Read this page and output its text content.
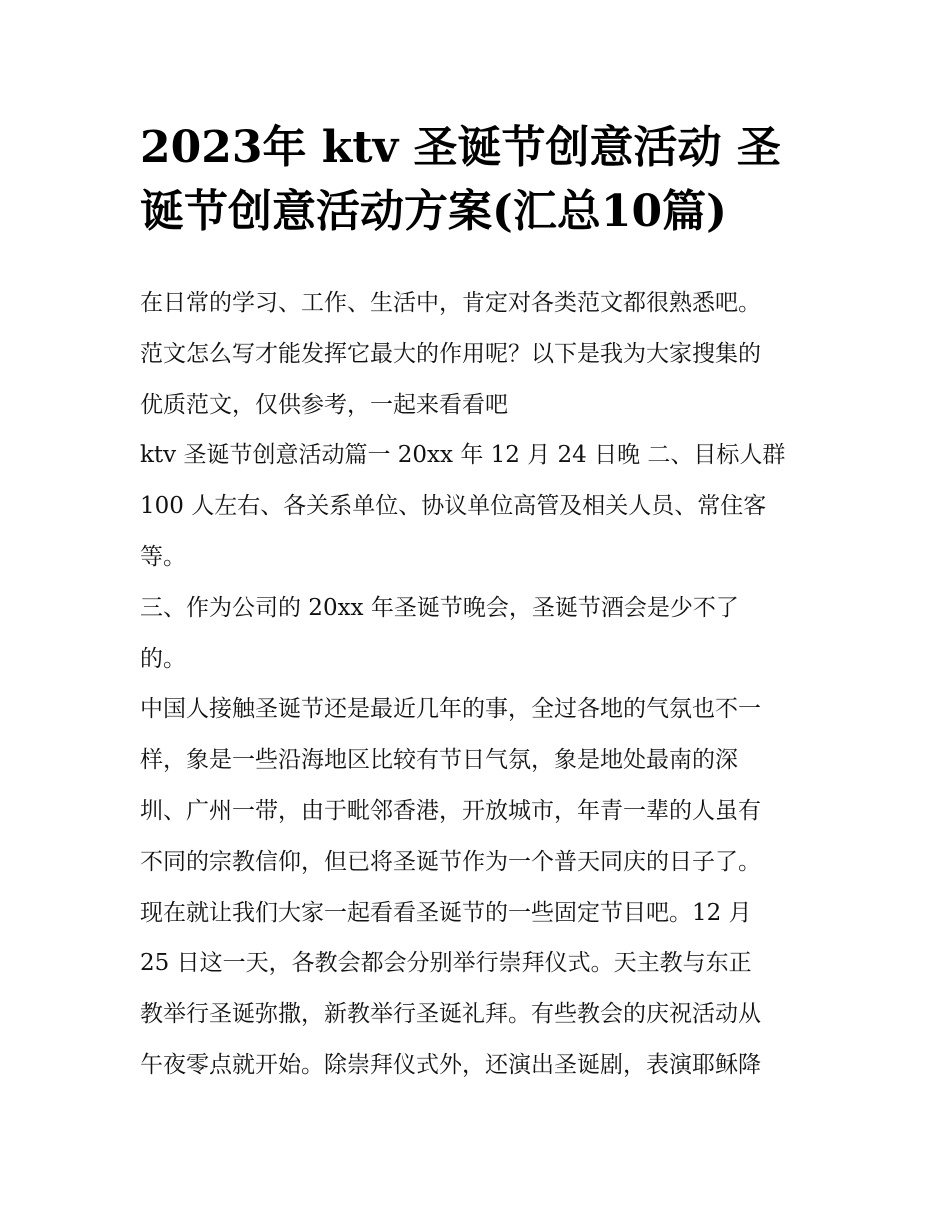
2023年 ktv 圣诞节创意活动 圣
诞节创意活动方案(汇总10篇)
在日常的学习、工作、生活中，肯定对各类范文都很熟悉吧。
范文怎么写才能发挥它最大的作用呢？以下是我为大家搜集的
优质范文，仅供参考，一起来看看吧
ktv 圣诞节创意活动篇一 20xx 年 12 月 24 日晚 二、目标人群
100 人左右、各关系单位、协议单位高管及相关人员、常住客
等。
三、作为公司的 20xx 年圣诞节晚会，圣诞节酒会是少不了
的。
中国人接触圣诞节还是最近几年的事，全过各地的气氛也不一
样，象是一些沿海地区比较有节日气氛，象是地处最南的深
圳、广州一带，由于毗邻香港，开放城市，年青一辈的人虽有
不同的宗教信仰，但已将圣诞节作为一个普天同庆的日子了。
现在就让我们大家一起看看圣诞节的一些固定节目吧。12 月
25 日这一天，各教会都会分别举行崇拜仪式。天主教与东正
教举行圣诞弥撒，新教举行圣诞礼拜。有些教会的庆祝活动从
午夜零点就开始。除崇拜仪式外，还演出圣诞剧，表演耶稣降
